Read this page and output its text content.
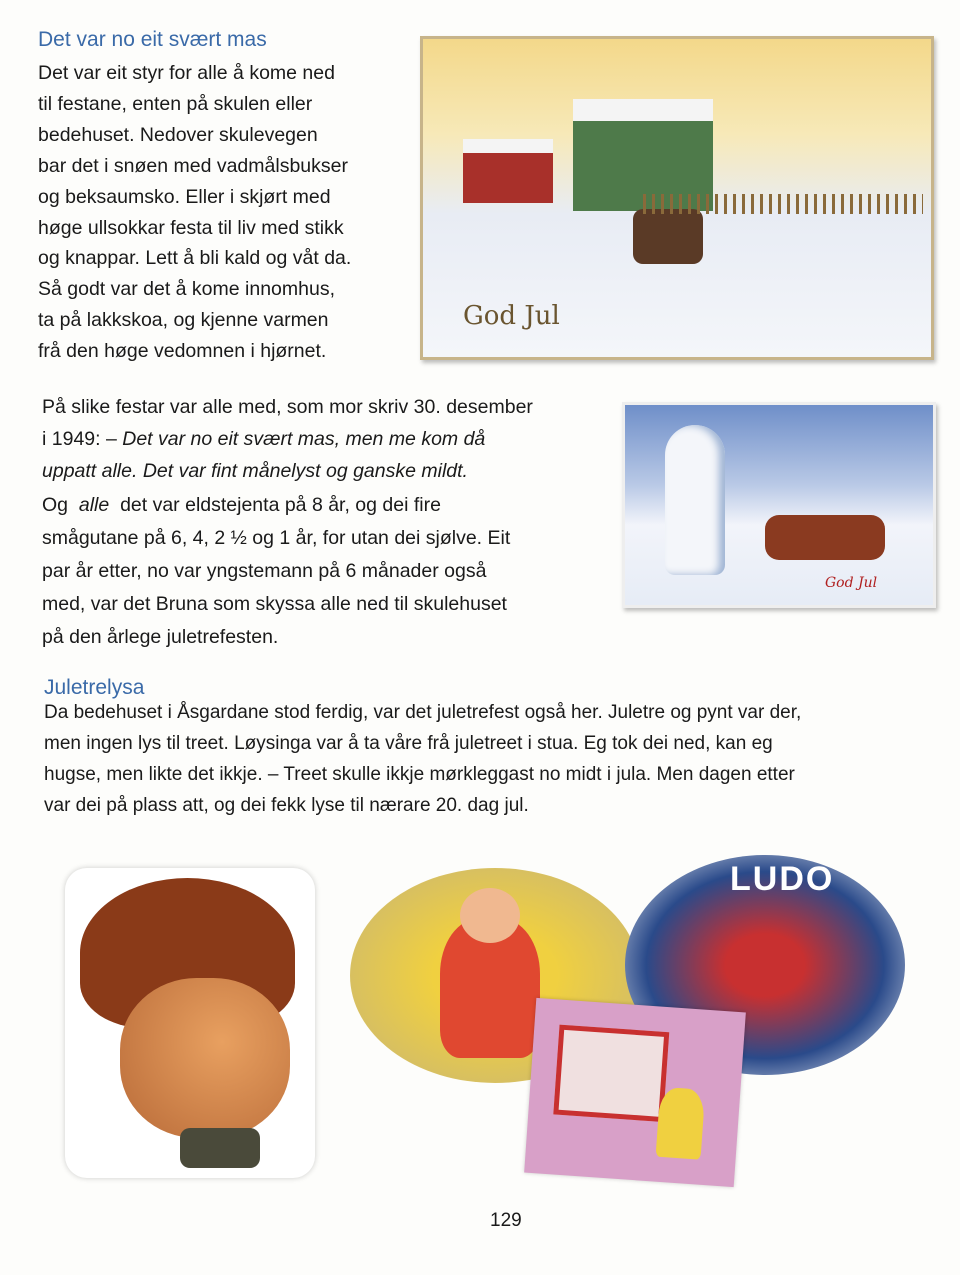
Det var no eit svært mas
Det var eit styr for alle å kome ned
til festane, enten på skulen eller
bedehuset. Nedover skulevegen
bar det i snøen med vadmålsbukser
og beksaumsko. Eller i skjørt med
høge ullsokkar festa til liv med stikk
og knappar. Lett å bli kald og våt da.
Så godt var det å kome innomhus,
ta på lakkskoa, og kjenne varmen
frå den høge vedomnen i hjørnet.
God Jul
På slike festar var alle med, som mor skriv 30. desember
i 1949: – Det var no eit svært mas, men me kom då
uppatt alle. Det var fint månelyst og ganske mildt.
Og alle det var eldstejenta på 8 år, og dei fire
smågutane på 6, 4, 2 ½ og 1 år, for utan dei sjølve. Eit
par år etter, no var yngstemann på 6 månader også
med, var det Bruna som skyssa alle ned til skulehuset
på den årlege juletrefesten.
God Jul
Juletrelysa
Da bedehuset i Åsgardane stod ferdig, var det juletrefest også her. Juletre og pynt var der,
men ingen lys til treet. Løysinga var å ta våre frå juletreet i stua. Eg tok dei ned, kan eg
hugse, men likte det ikkje. – Treet skulle ikkje mørkleggast no midt i jula. Men dagen etter
var dei på plass att, og dei fekk lyse til nærare 20. dag jul.
LUDO
129
